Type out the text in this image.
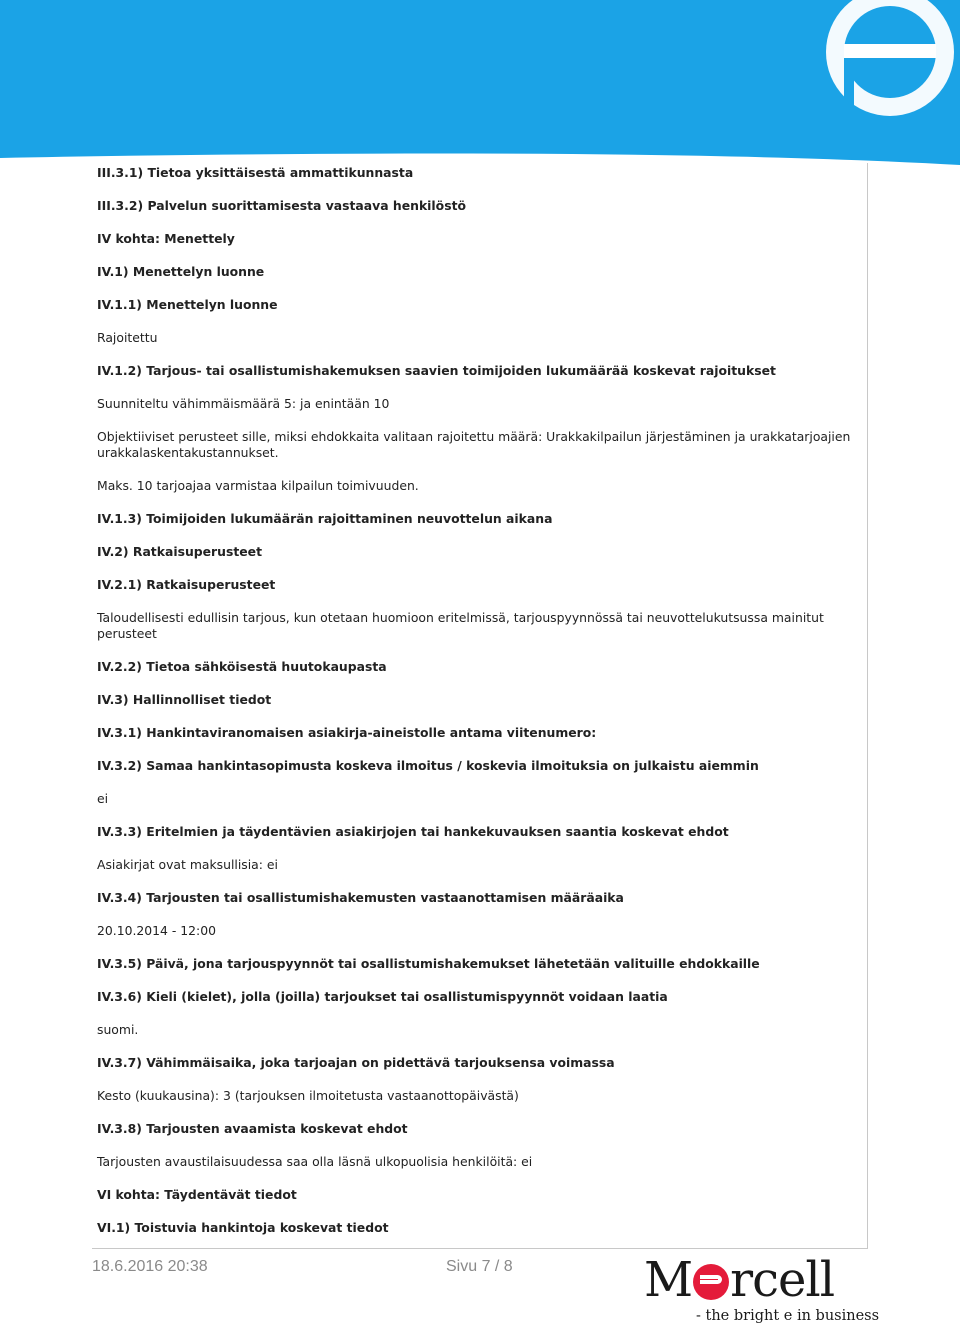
III.3.1) Tietoa yksittäisestä ammattikunnasta

III.3.2) Palvelun suorittamisesta vastaava henkilöstö

IV kohta: Menettely

IV.1) Menettelyn luonne

IV.1.1) Menettelyn luonne

Rajoitettu

IV.1.2) Tarjous- tai osallistumishakemuksen saavien toimijoiden lukumäärää koskevat rajoitukset

Suunniteltu vähimmäismäärä 5: ja enintään 10

Objektiiviset perusteet sille, miksi ehdokkaita valitaan rajoitettu määrä: Urakkakilpailun järjestäminen ja urakkatarjoajien urakkalaskentakustannukset.

Maks. 10 tarjoajaa varmistaa kilpailun toimivuuden.

IV.1.3) Toimijoiden lukumäärän rajoittaminen neuvottelun aikana

IV.2) Ratkaisuperusteet

IV.2.1) Ratkaisuperusteet

Taloudellisesti edullisin tarjous, kun otetaan huomioon eritelmissä, tarjouspyynnössä tai neuvottelukutsussa mainitut perusteet

IV.2.2) Tietoa sähköisestä huutokaupasta

IV.3) Hallinnolliset tiedot

IV.3.1) Hankintaviranomaisen asiakirja-aineistolle antama viitenumero:

IV.3.2) Samaa hankintasopimusta koskeva ilmoitus / koskevia ilmoituksia on julkaistu aiemmin

ei

IV.3.3) Eritelmien ja täydentävien asiakirjojen tai hankekuvauksen saantia koskevat ehdot

Asiakirjat ovat maksullisia: ei

IV.3.4) Tarjousten tai osallistumishakemusten vastaanottamisen määräaika

20.10.2014 - 12:00

IV.3.5) Päivä, jona tarjouspyynnöt tai osallistumishakemukset lähetetään valituille ehdokkaille

IV.3.6) Kieli (kielet), jolla (joilla) tarjoukset tai osallistumispyynnöt voidaan laatia

suomi.

IV.3.7) Vähimmäisaika, joka tarjoajan on pidettävä tarjouksensa voimassa

Kesto (kuukausina): 3 (tarjouksen ilmoitetusta vastaanottopäivästä)

IV.3.8) Tarjousten avaamista koskevat ehdot

Tarjousten avaustilaisuudessa saa olla läsnä ulkopuolisia henkilöitä: ei

VI kohta: Täydentävät tiedot

VI.1) Toistuvia hankintoja koskevat tiedot

18.6.2016 20:38	Sivu 7 / 8	M rcell
- the bright e in business
